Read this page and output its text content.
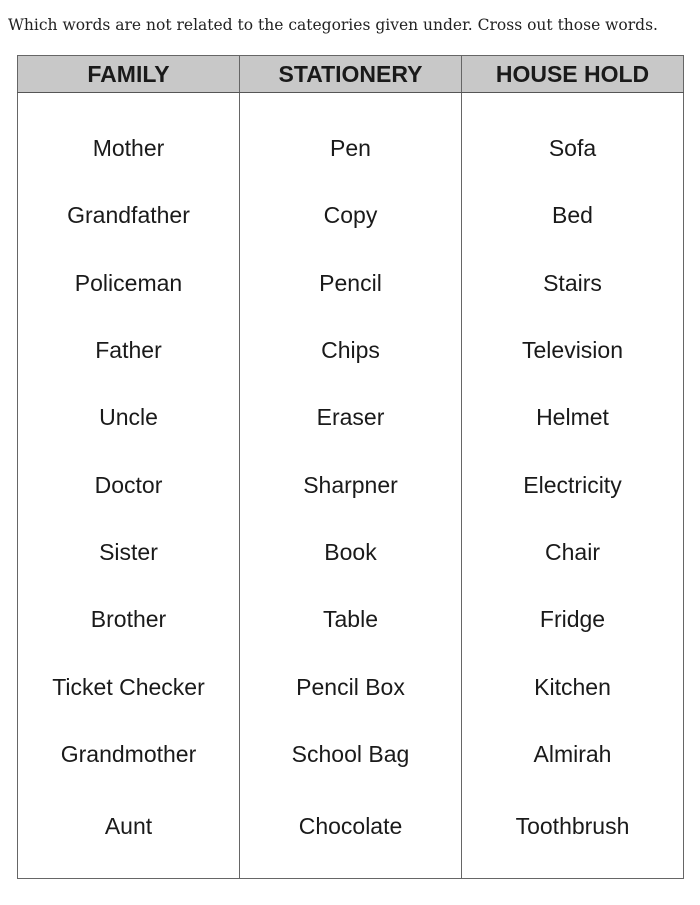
Which words are not related to the categories given under. Cross out those words.

FAMILY	STATIONERY	HOUSE HOLD
Mother	Pen	Sofa
Grandfather	Copy	Bed
Policeman	Pencil	Stairs
Father	Chips	Television
Uncle	Eraser	Helmet
Doctor	Sharpner	Electricity
Sister	Book	Chair
Brother	Table	Fridge
Ticket Checker	Pencil Box	Kitchen
Grandmother	School Bag	Almirah
Aunt	Chocolate	Toothbrush
